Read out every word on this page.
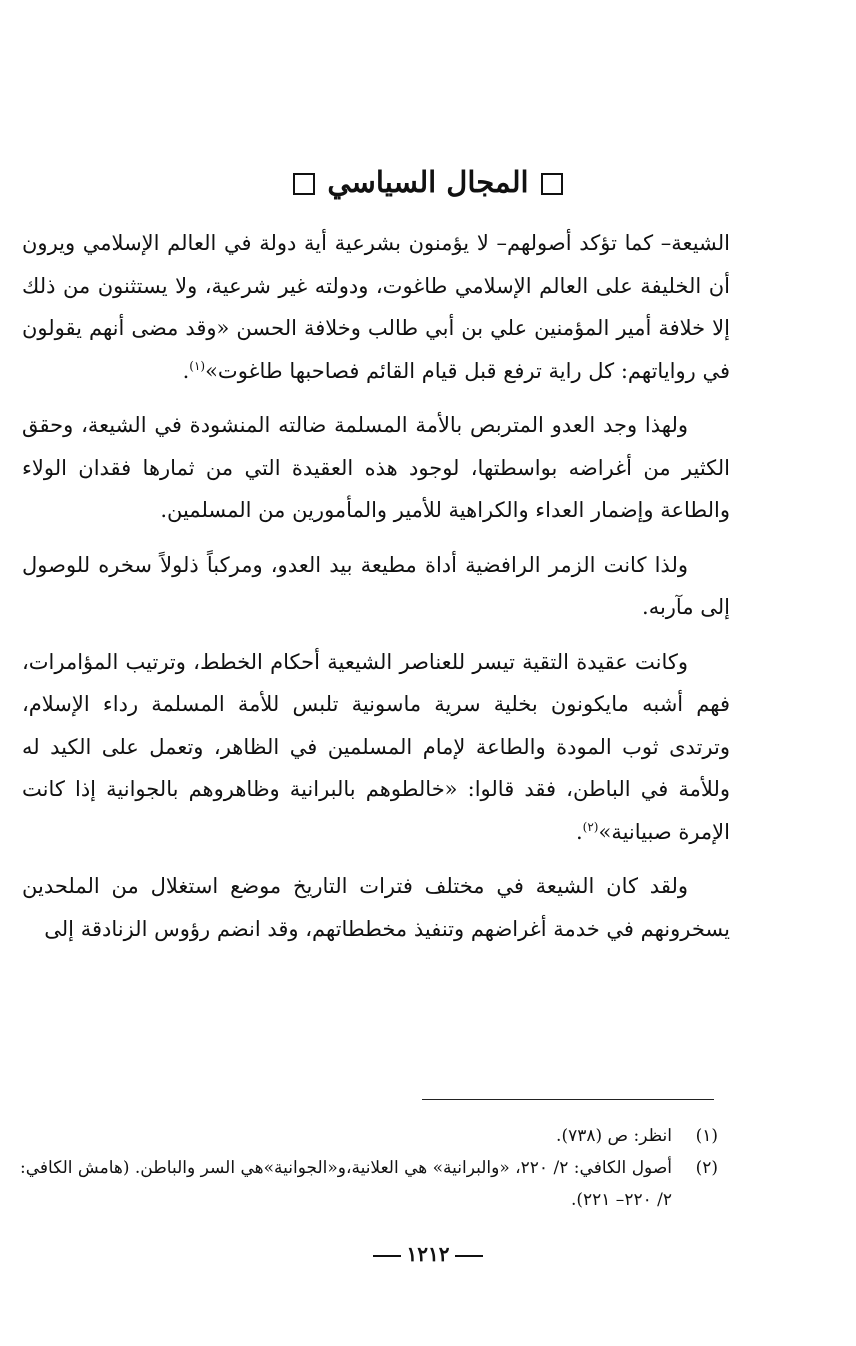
المجال السياسي

الشيعة– كما تؤكد أصولهم– لا يؤمنون بشرعية أية دولة في العالم الإسلامي ويرون أن الخليفة على العالم الإسلامي طاغوت، ودولته غير شرعية، ولا يستثنون من ذلك إلا خلافة أمير المؤمنين علي بن أبي طالب وخلافة الحسن «وقد مضى أنهم يقولون في رواياتهم: كل راية ترفع قبل قيام القائم فصاحبها طاغوت»$^{(١)}$.

ولهذا وجد العدو المتربص بالأمة المسلمة ضالته المنشودة في الشيعة، وحقق الكثير من أغراضه بواسطتها، لوجود هذه العقيدة التي من ثمارها فقدان الولاء والطاعة وإضمار العداء والكراهية للأمير والمأمورين من المسلمين.

ولذا كانت الزمر الرافضية أداة مطيعة بيد العدو، ومركباً ذلولاً سخره للوصول إلى مآربه.

وكانت عقيدة التقية تيسر للعناصر الشيعية أحكام الخطط، وترتيب المؤامرات، فهم أشبه مايكونون بخلية سرية ماسونية تلبس للأمة المسلمة رداء الإسلام، وترتدى ثوب المودة والطاعة لإمام المسلمين في الظاهر، وتعمل على الكيد له وللأمة في الباطن، فقد قالوا: «خالطوهم بالبرانية وظاهروهم بالجوانية إذا كانت الإمرة صبيانية»$^{(٢)}$.

ولقد كان الشيعة في مختلف فترات التاريخ موضع استغلال من الملحدين يسخرونهم في خدمة أغراضهم وتنفيذ مخططاتهم، وقد انضم رؤوس الزنادقة إلى

(١)
انظر: ص (٧٣٨).
(٢)
أصول الكافي: ٢/ ٢٢٠، «والبرانية» هي العلانية،و«الجوانية»هي السر والباطن. (هامش الكافي: ٢/ ٢٢٠– ٢٢١).
١٢١٢
